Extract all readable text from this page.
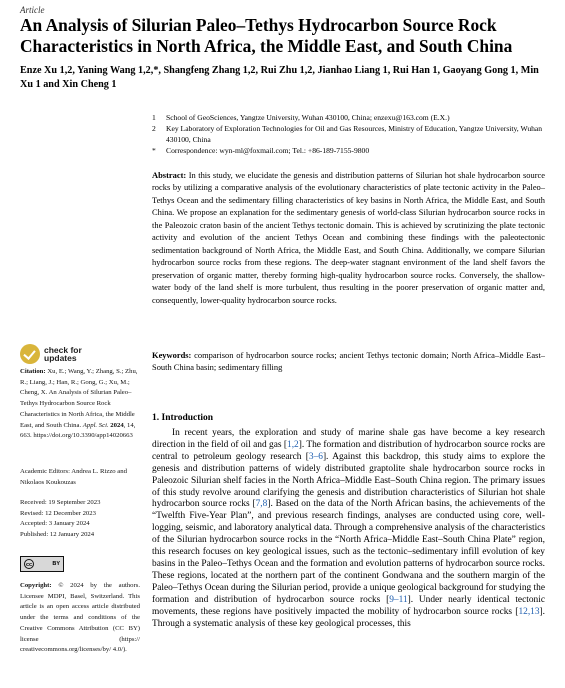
Article
An Analysis of Silurian Paleo–Tethys Hydrocarbon Source Rock Characteristics in North Africa, the Middle East, and South China
Enze Xu 1,2, Yaning Wang 1,2,*, Shangfeng Zhang 1,2, Rui Zhu 1,2, Jianhao Liang 1, Rui Han 1, Gaoyang Gong 1, Min Xu 1 and Xin Cheng 1
1	School of GeoSciences, Yangtze University, Wuhan 430100, China; enzexu@163.com (E.X.)
2	Key Laboratory of Exploration Technologies for Oil and Gas Resources, Ministry of Education, Yangtze University, Wuhan 430100, China
*	Correspondence: wyn-ml@foxmail.com; Tel.: +86-189-7155-9800
Abstract: In this study, we elucidate the genesis and distribution patterns of Silurian hot shale hydrocarbon source rocks by utilizing a comparative analysis of the evolutionary characteristics of plate tectonic activity in the Paleo–Tethys Ocean and the sedimentary filling characteristics of key basins in North Africa, the Middle East, and South China. We propose an explanation for the sedimentary genesis of world-class Silurian hydrocarbon source rocks in the Paleozoic craton basin of the ancient Tethys tectonic domain. This is achieved by scrutinizing the plate tectonic activity and evolution of the ancient Tethys Ocean and combining these findings with the paleotectonic sedimentation background of North Africa, the Middle East, and South China. Additionally, we compare Silurian hydrocarbon source rocks from these regions. The deep-water stagnant environment of the land shelf favors the preservation of organic matter, thereby forming high-quality hydrocarbon source rocks. Conversely, the shallow-water body of the land shelf is more turbulent, thus resulting in the poorer preservation of organic matter and, consequently, lower-quality hydrocarbon source rocks.
Keywords: comparison of hydrocarbon source rocks; ancient Tethys tectonic domain; North Africa–Middle East–South China basin; sedimentary filling
check for
updates
Citation: Xu, E.; Wang, Y.; Zhang, S.; Zhu, R.; Liang, J.; Han, R.; Gong, G.; Xu, M.; Cheng, X. An Analysis of Silurian Paleo–Tethys Hydrocarbon Source Rock Characteristics in North Africa, the Middle East, and South China. Appl. Sci. 2024, 14, 663. https://doi.org/10.3390/app14020663
Academic Editors: Andrea L. Rizzo and Nikolaos Koukouzas
Received: 19 September 2023
Revised: 12 December 2023
Accepted: 3 January 2024
Published: 12 January 2024
cc	BY
Copyright: © 2024 by the authors. Licensee MDPI, Basel, Switzerland. This article is an open access article distributed under the terms and conditions of the Creative Commons Attribution (CC BY) license (https:// creativecommons.org/licenses/by/ 4.0/).
1. Introduction
In recent years, the exploration and study of marine shale gas have become a key research direction in the field of oil and gas [1,2]. The formation and distribution of hydrocarbon source rocks are central to petroleum geology research [3–6]. Against this backdrop, this study aims to explore the genesis and distribution patterns of widely distributed graptolite shale hydrocarbon source rocks in Paleozoic Silurian shelf facies in the North Africa–Middle East–South China region. The primary issues of this study revolve around clarifying the genesis and distribution characteristics of Silurian hot shale hydrocarbon source rocks [7,8]. Based on the data of the North African basins, the achievements of the “Twelfth Five-Year Plan”, and previous research findings, analyses are conducted using core, well-logging, seismic, and laboratory analytical data. Through a comprehensive analysis of the characteristics of the Silurian hydrocarbon source rocks in the “North Africa–Middle East–South China Plate” region, this research focuses on key geological issues, such as the tectonic–sedimentary infill evolution of key basins in the Paleo–Tethys Ocean and the formation and evolution patterns of hydrocarbon source rocks. These regions, located at the northern part of the continent Gondwana and the southern margin of the Paleo–Tethys Ocean during the Silurian period, provide a unique geological background for studying the formation and distribution of hydrocarbon source rocks [9–11]. Under nearly identical tectonic movements, these regions have positively impacted the mobility of hydrocarbon source rocks [12,13]. Through a systematic analysis of these key geological processes, this
